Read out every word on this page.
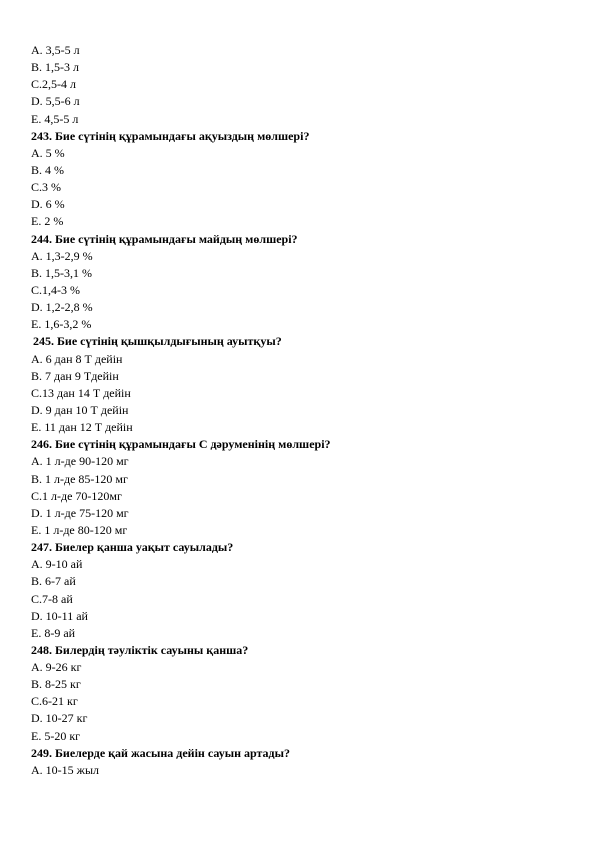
A. 3,5-5 л
B. 1,5-3 л
C.2,5-4 л
D. 5,5-6 л
E. 4,5-5 л
243. Бие сүтінің құрамындағы ақуыздың мөлшері?
A. 5 %
B. 4 %
C.3 %
D. 6 %
E. 2 %
244. Бие сүтінің құрамындағы майдың мөлшері?
A. 1,3-2,9 %
B. 1,5-3,1 %
C.1,4-3 %
D. 1,2-2,8 %
E. 1,6-3,2 %
245. Бие сүтінің қышқылдығының ауытқуы?
A. 6 дан 8 Т дейін
B. 7 дан 9 Тдейін
C.13 дан 14 Т дейін
D. 9 дан 10 Т дейін
E. 11 дан 12 Т дейін
246. Бие сүтінің құрамындағы С дәруменінің мөлшері?
A. 1 л-де 90-120 мг
B. 1 л-де 85-120 мг
C.1 л-де 70-120мг
D. 1 л-де 75-120 мг
E. 1 л-де 80-120 мг
247. Биелер қанша уақыт сауылады?
A. 9-10 ай
B. 6-7 ай
C.7-8 ай
D. 10-11 ай
E. 8-9 ай
248. Билердің тәуліктік сауыны қанша?
A. 9-26 кг
B. 8-25 кг
C.6-21 кг
D. 10-27 кг
E. 5-20 кг
249. Биелерде қай жасына дейін сауын артады?
A. 10-15 жыл
